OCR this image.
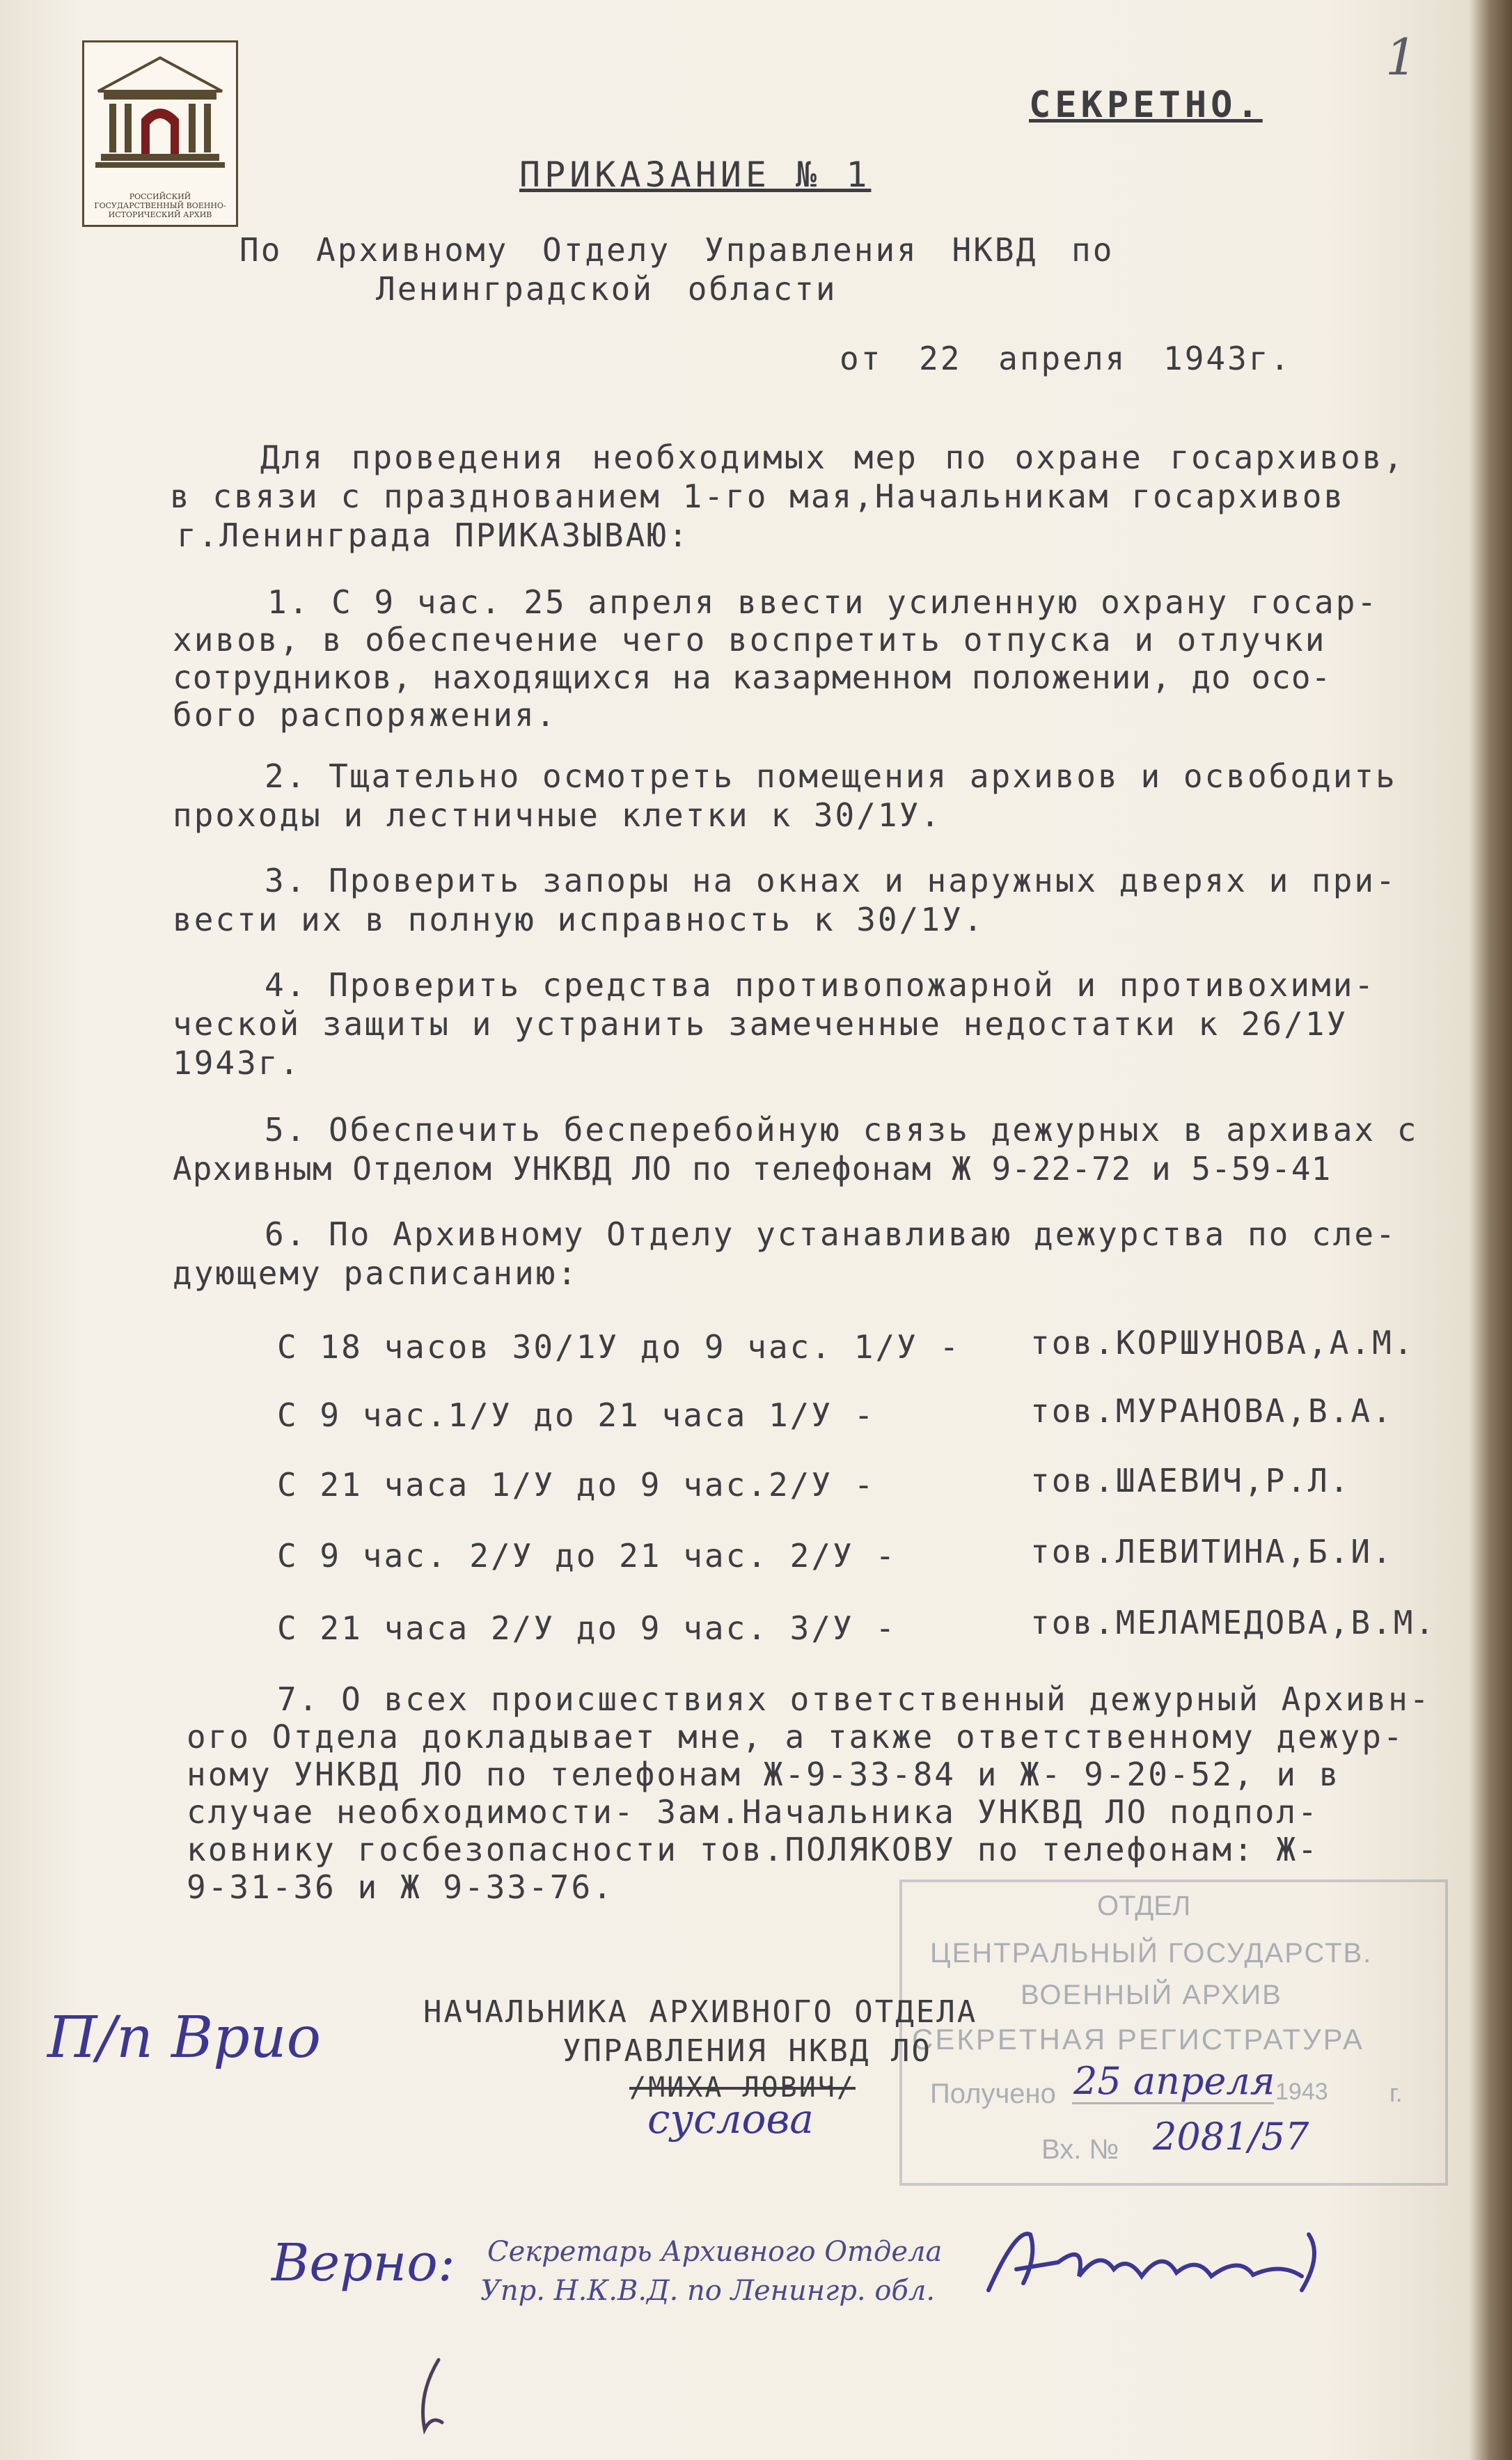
РОССИЙСКИЙ ГОСУДАРСТВЕННЫЙ ВОЕННО-ИСТОРИЧЕСКИЙ АРХИВ
1
СЕКРЕТНО.
ПРИКАЗАНИЕ № 1
По Архивному Отделу Управления НКВД по
Ленинградской области
от 22 апреля 1943г.
Для проведения необходимых мер по охране госархивов,
в связи с празднованием 1-го мая,Начальникам госархивов
г.Ленинграда ПРИКАЗЫВАЮ:
1. С 9 час. 25 апреля ввести усиленную охрану госар-
хивов, в обеспечение чего воспретить отпуска и отлучки
сотрудников, находящихся на казарменном положении, до осо-
бого распоряжения.
2. Тщательно осмотреть помещения архивов и освободить
проходы и лестничные клетки к 30/1У.
3. Проверить запоры на окнах и наружных дверях и при-
вести их в полную исправность к 30/1У.
4. Проверить средства противопожарной и противохими-
ческой защиты и устранить замеченные недостатки к 26/1У
1943г.
5. Обеспечить бесперебойную связь дежурных в архивах с
Архивным Отделом УНКВД ЛО по телефонам Ж 9-22-72 и 5-59-41
6. По Архивному Отделу устанавливаю дежурства по сле-
дующему расписанию:
С 18 часов 30/1У до 9 час. 1/У - тов.КОРШУНОВА,А.М.
С 9 час.1/У до 21 часа 1/У -	тов.МУРАНОВА,В.А.
С 21 часа 1/У до 9 час.2/У -	тов.ШАЕВИЧ,Р.Л.
С 9 час. 2/У до 21 час. 2/У -	тов.ЛЕВИТИНА,Б.И.
С 21 часа 2/У до 9 час. 3/У -	тов.МЕЛАМЕДОВА,В.М.
7. О всех происшествиях ответственный дежурный Архивн-
ого Отдела докладывает мне, а также ответственному дежур-
ному УНКВД ЛО по телефонам Ж-9-33-84 и Ж- 9-20-52, и в
случае необходимости- Зам.Начальника УНКВД ЛО подпол-
ковнику госбезопасности тов.ПОЛЯКОВУ по телефонам: Ж-
9-31-36 и Ж 9-33-76.	ОТДЕЛ
ЦЕНТРАЛЬНЫЙ ГОСУДАРСТВ.
ВОЕННЫЙ АРХИВ
СЕКРЕТНАЯ РЕГИСТРАТУРА
Получено	1943 г.
Вх. №
25 апреля
2081/57
НАЧАЛЬНИКА АРХИВНОГО ОТДЕЛА
УПРАВЛЕНИЯ НКВД ЛО
/МИХА ЛОВИЧ/
П/п Врио
суслова
Верно: Секретарь Архивного Отдела
Упр. Н.К.В.Д. по Ленингр. обл.
